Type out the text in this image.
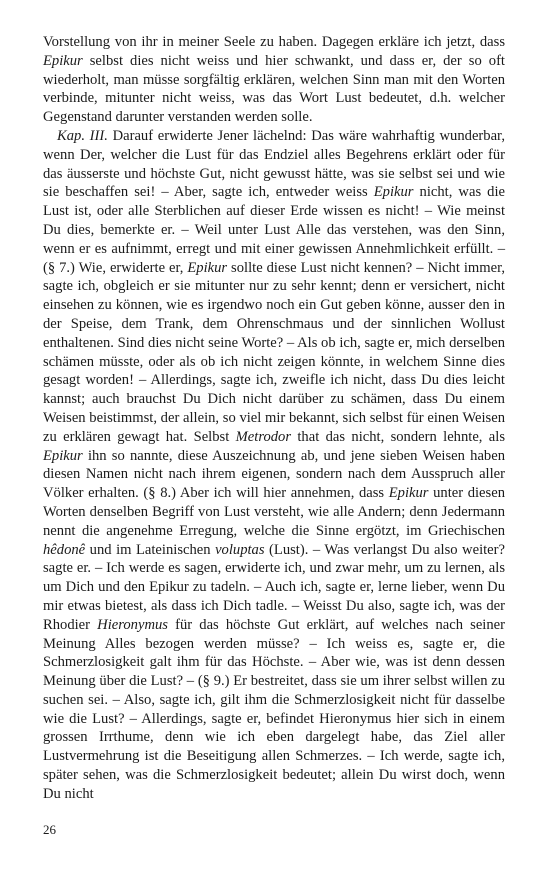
Vorstellung von ihr in meiner Seele zu haben. Dagegen erkläre ich jetzt, dass Epikur selbst dies nicht weiss und hier schwankt, und dass er, der so oft wiederholt, man müsse sorgfältig erklären, welchen Sinn man mit den Worten verbinde, mitunter nicht weiss, was das Wort Lust bedeutet, d.h. welcher Gegenstand darunter verstanden werden solle.

Kap. III. Darauf erwiderte Jener lächelnd: Das wäre wahrhaftig wunderbar, wenn Der, welcher die Lust für das Endziel alles Begehrens erklärt oder für das äusserste und höchste Gut, nicht gewusst hätte, was sie selbst sei und wie sie beschaffen sei! – Aber, sagte ich, entweder weiss Epikur nicht, was die Lust ist, oder alle Sterblichen auf dieser Erde wissen es nicht! – Wie meinst Du dies, bemerkte er. – Weil unter Lust Alle das verstehen, was den Sinn, wenn er es aufnimmt, erregt und mit einer gewissen Annehmlichkeit erfüllt. – (§ 7.) Wie, erwiderte er, Epikur sollte diese Lust nicht kennen? – Nicht immer, sagte ich, obgleich er sie mitunter nur zu sehr kennt; denn er versichert, nicht einsehen zu können, wie es irgendwo noch ein Gut geben könne, ausser den in der Speise, dem Trank, dem Ohrenschmaus und der sinnlichen Wollust enthaltenen. Sind dies nicht seine Worte? – Als ob ich, sagte er, mich derselben schämen müsste, oder als ob ich nicht zeigen könnte, in welchem Sinne dies gesagt worden! – Allerdings, sagte ich, zweifle ich nicht, dass Du dies leicht kannst; auch brauchst Du Dich nicht darüber zu schämen, dass Du einem Weisen beistimmst, der allein, so viel mir bekannt, sich selbst für einen Weisen zu erklären gewagt hat. Selbst Metrodor that das nicht, sondern lehnte, als Epikur ihn so nannte, diese Auszeichnung ab, und jene sieben Weisen haben diesen Namen nicht nach ihrem eigenen, sondern nach dem Ausspruch aller Völker erhalten. (§ 8.) Aber ich will hier annehmen, dass Epikur unter diesen Worten denselben Begriff von Lust versteht, wie alle Andern; denn Jedermann nennt die angenehme Erregung, welche die Sinne ergötzt, im Griechischen hêdonê und im Lateinischen voluptas (Lust). – Was verlangst Du also weiter? sagte er. – Ich werde es sagen, erwiderte ich, und zwar mehr, um zu lernen, als um Dich und den Epikur zu tadeln. – Auch ich, sagte er, lerne lieber, wenn Du mir etwas bietest, als dass ich Dich tadle. – Weisst Du also, sagte ich, was der Rhodier Hieronymus für das höchste Gut erklärt, auf welches nach seiner Meinung Alles bezogen werden müsse? – Ich weiss es, sagte er, die Schmerzlosigkeit galt ihm für das Höchste. – Aber wie, was ist denn dessen Meinung über die Lust? – (§ 9.) Er bestreitet, dass sie um ihrer selbst willen zu suchen sei. – Also, sagte ich, gilt ihm die Schmerzlosigkeit nicht für dasselbe wie die Lust? – Allerdings, sagte er, befindet Hieronymus hier sich in einem grossen Irrthume, denn wie ich eben dargelegt habe, das Ziel aller Lustvermehrung ist die Beseitigung allen Schmerzes. – Ich werde, sagte ich, später sehen, was die Schmerzlosigkeit bedeutet; allein Du wirst doch, wenn Du nicht

26
